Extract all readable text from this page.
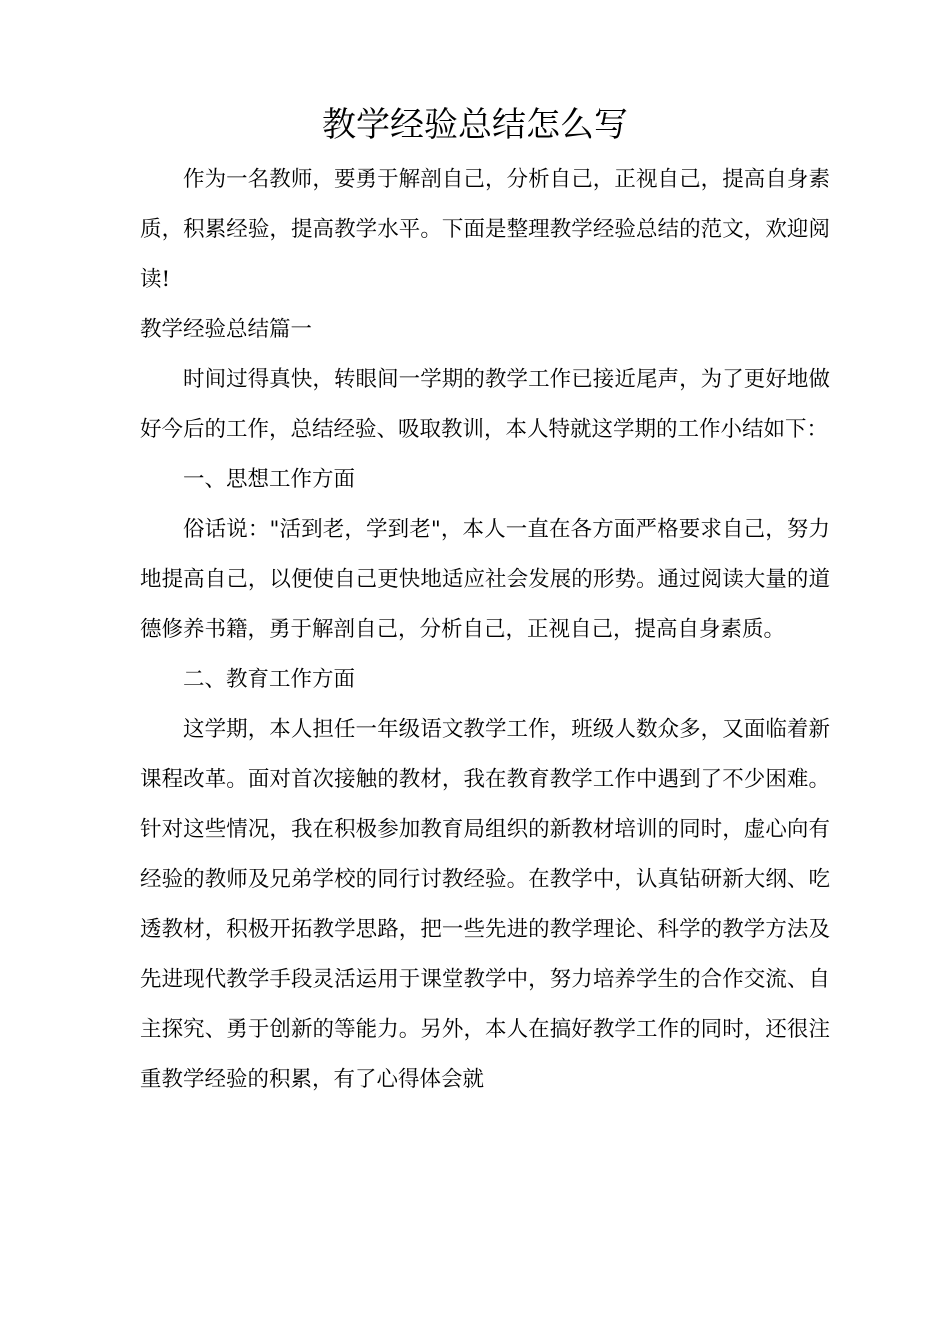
教学经验总结怎么写

作为一名教师，要勇于解剖自己，分析自己，正视自己，提高自身素质，积累经验，提高教学水平。下面是整理教学经验总结的范文，欢迎阅读!

教学经验总结篇一

时间过得真快，转眼间一学期的教学工作已接近尾声，为了更好地做好今后的工作，总结经验、吸取教训，本人特就这学期的工作小结如下：

一、思想工作方面

俗话说："活到老，学到老"，本人一直在各方面严格要求自己，努力地提高自己，以便使自己更快地适应社会发展的形势。通过阅读大量的道德修养书籍，勇于解剖自己，分析自己，正视自己，提高自身素质。

二、教育工作方面

这学期，本人担任一年级语文教学工作，班级人数众多，又面临着新课程改革。面对首次接触的教材，我在教育教学工作中遇到了不少困难。针对这些情况，我在积极参加教育局组织的新教材培训的同时，虚心向有经验的教师及兄弟学校的同行讨教经验。在教学中，认真钻研新大纲、吃透教材，积极开拓教学思路，把一些先进的教学理论、科学的教学方法及先进现代教学手段灵活运用于课堂教学中，努力培养学生的合作交流、自主探究、勇于创新的等能力。另外，本人在搞好教学工作的同时，还很注重教学经验的积累，有了心得体会就
